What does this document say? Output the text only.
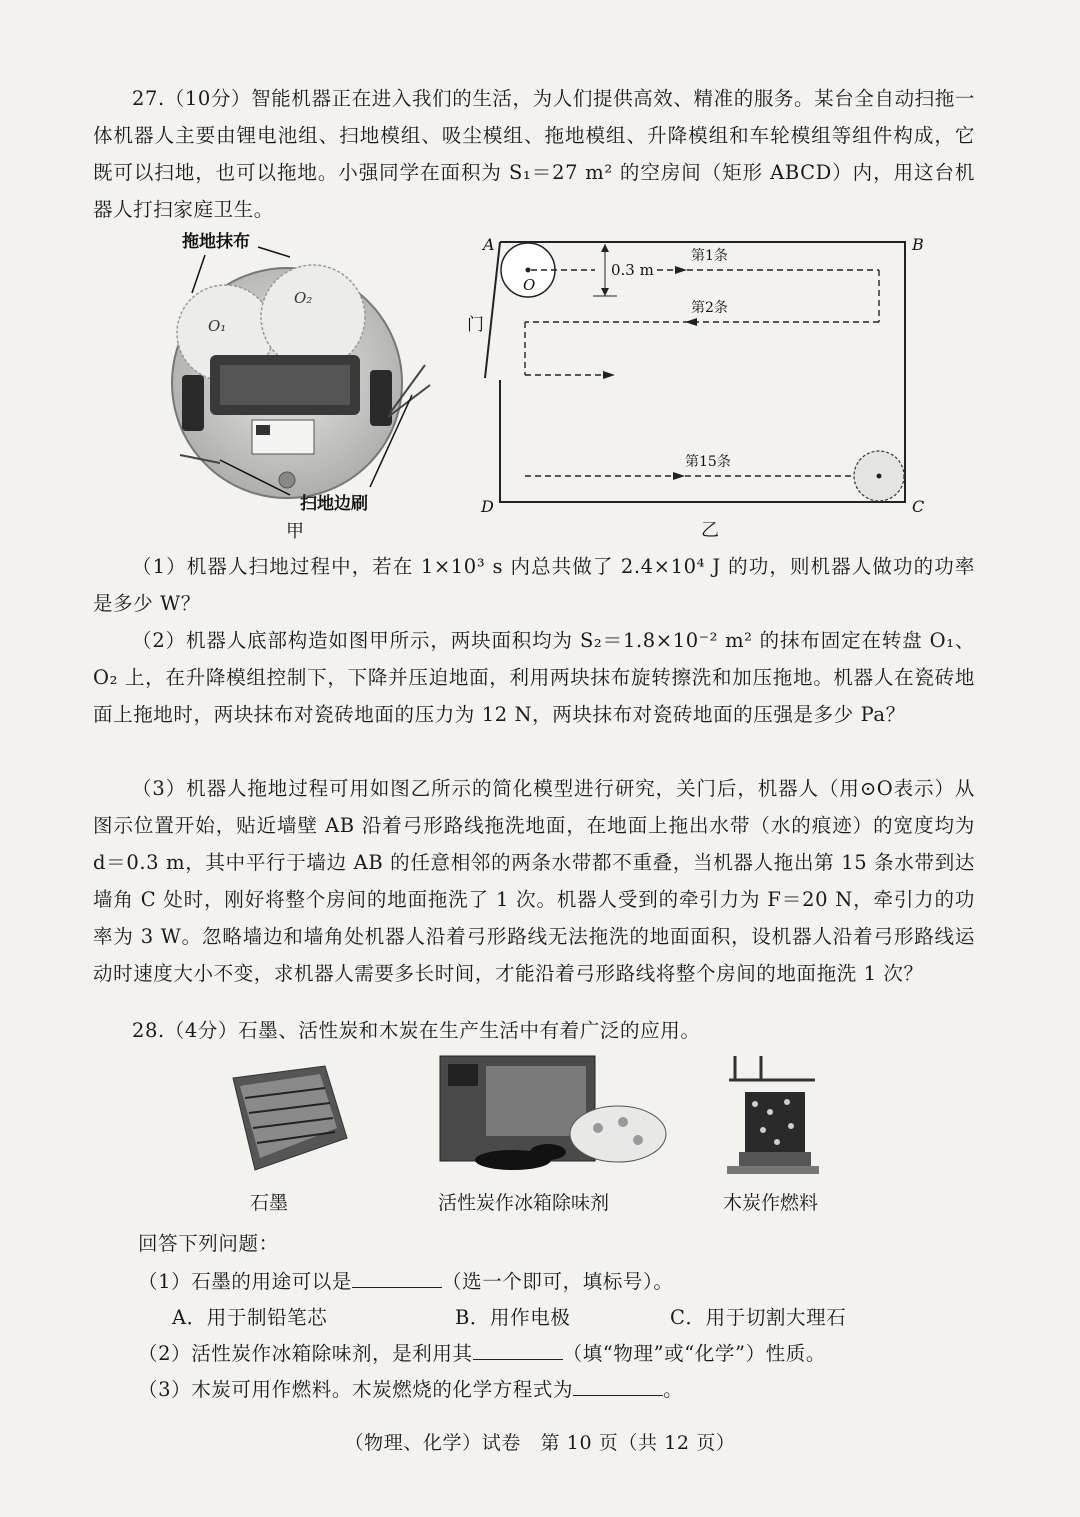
27.（10分）智能机器正在进入我们的生活，为人们提供高效、精准的服务。某台全自动扫拖一体机器人主要由锂电池组、扫地模组、吸尘模组、拖地模组、升降模组和车轮模组等组件构成，它既可以扫地，也可以拖地。小强同学在面积为 S₁＝27 m² 的空房间（矩形 ABCD）内，用这台机器人打扫家庭卫生。
O₁
O₂
拖地抹布
扫地边刷
甲
门
A	B
C
D
O
0.3 m
第1条
第2条
第15条
乙
（1）机器人扫地过程中，若在 1×10³ s 内总共做了 2.4×10⁴ J 的功，则机器人做功的功率是多少 W？
（2）机器人底部构造如图甲所示，两块面积均为 S₂＝1.8×10⁻² m² 的抹布固定在转盘 O₁、O₂ 上，在升降模组控制下，下降并压迫地面，利用两块抹布旋转擦洗和加压拖地。机器人在瓷砖地面上拖地时，两块抹布对瓷砖地面的压力为 12 N，两块抹布对瓷砖地面的压强是多少 Pa？
（3）机器人拖地过程可用如图乙所示的简化模型进行研究，关门后，机器人（用⊙O表示）从图示位置开始，贴近墙壁 AB 沿着弓形路线拖洗地面，在地面上拖出水带（水的痕迹）的宽度均为 d＝0.3 m，其中平行于墙边 AB 的任意相邻的两条水带都不重叠，当机器人拖出第 15 条水带到达墙角 C 处时，刚好将整个房间的地面拖洗了 1 次。机器人受到的牵引力为 F＝20 N，牵引力的功率为 3 W。忽略墙边和墙角处机器人沿着弓形路线无法拖洗的地面面积，设机器人沿着弓形路线运动时速度大小不变，求机器人需要多长时间，才能沿着弓形路线将整个房间的地面拖洗 1 次？
28.（4分）石墨、活性炭和木炭在生产生活中有着广泛的应用。
石墨	活性炭作冰箱除味剂	木炭作燃料
回答下列问题：
（1）石墨的用途可以是	（选一个即可，填标号）。
A．用于制铅笔芯	B．用作电极	C．用于切割大理石
（2）活性炭作冰箱除味剂，是利用其	（填“物理”或“化学”）性质。
（3）木炭可用作燃料。木炭燃烧的化学方程式为	。
（物理、化学）试卷　第 10 页（共 12 页）
